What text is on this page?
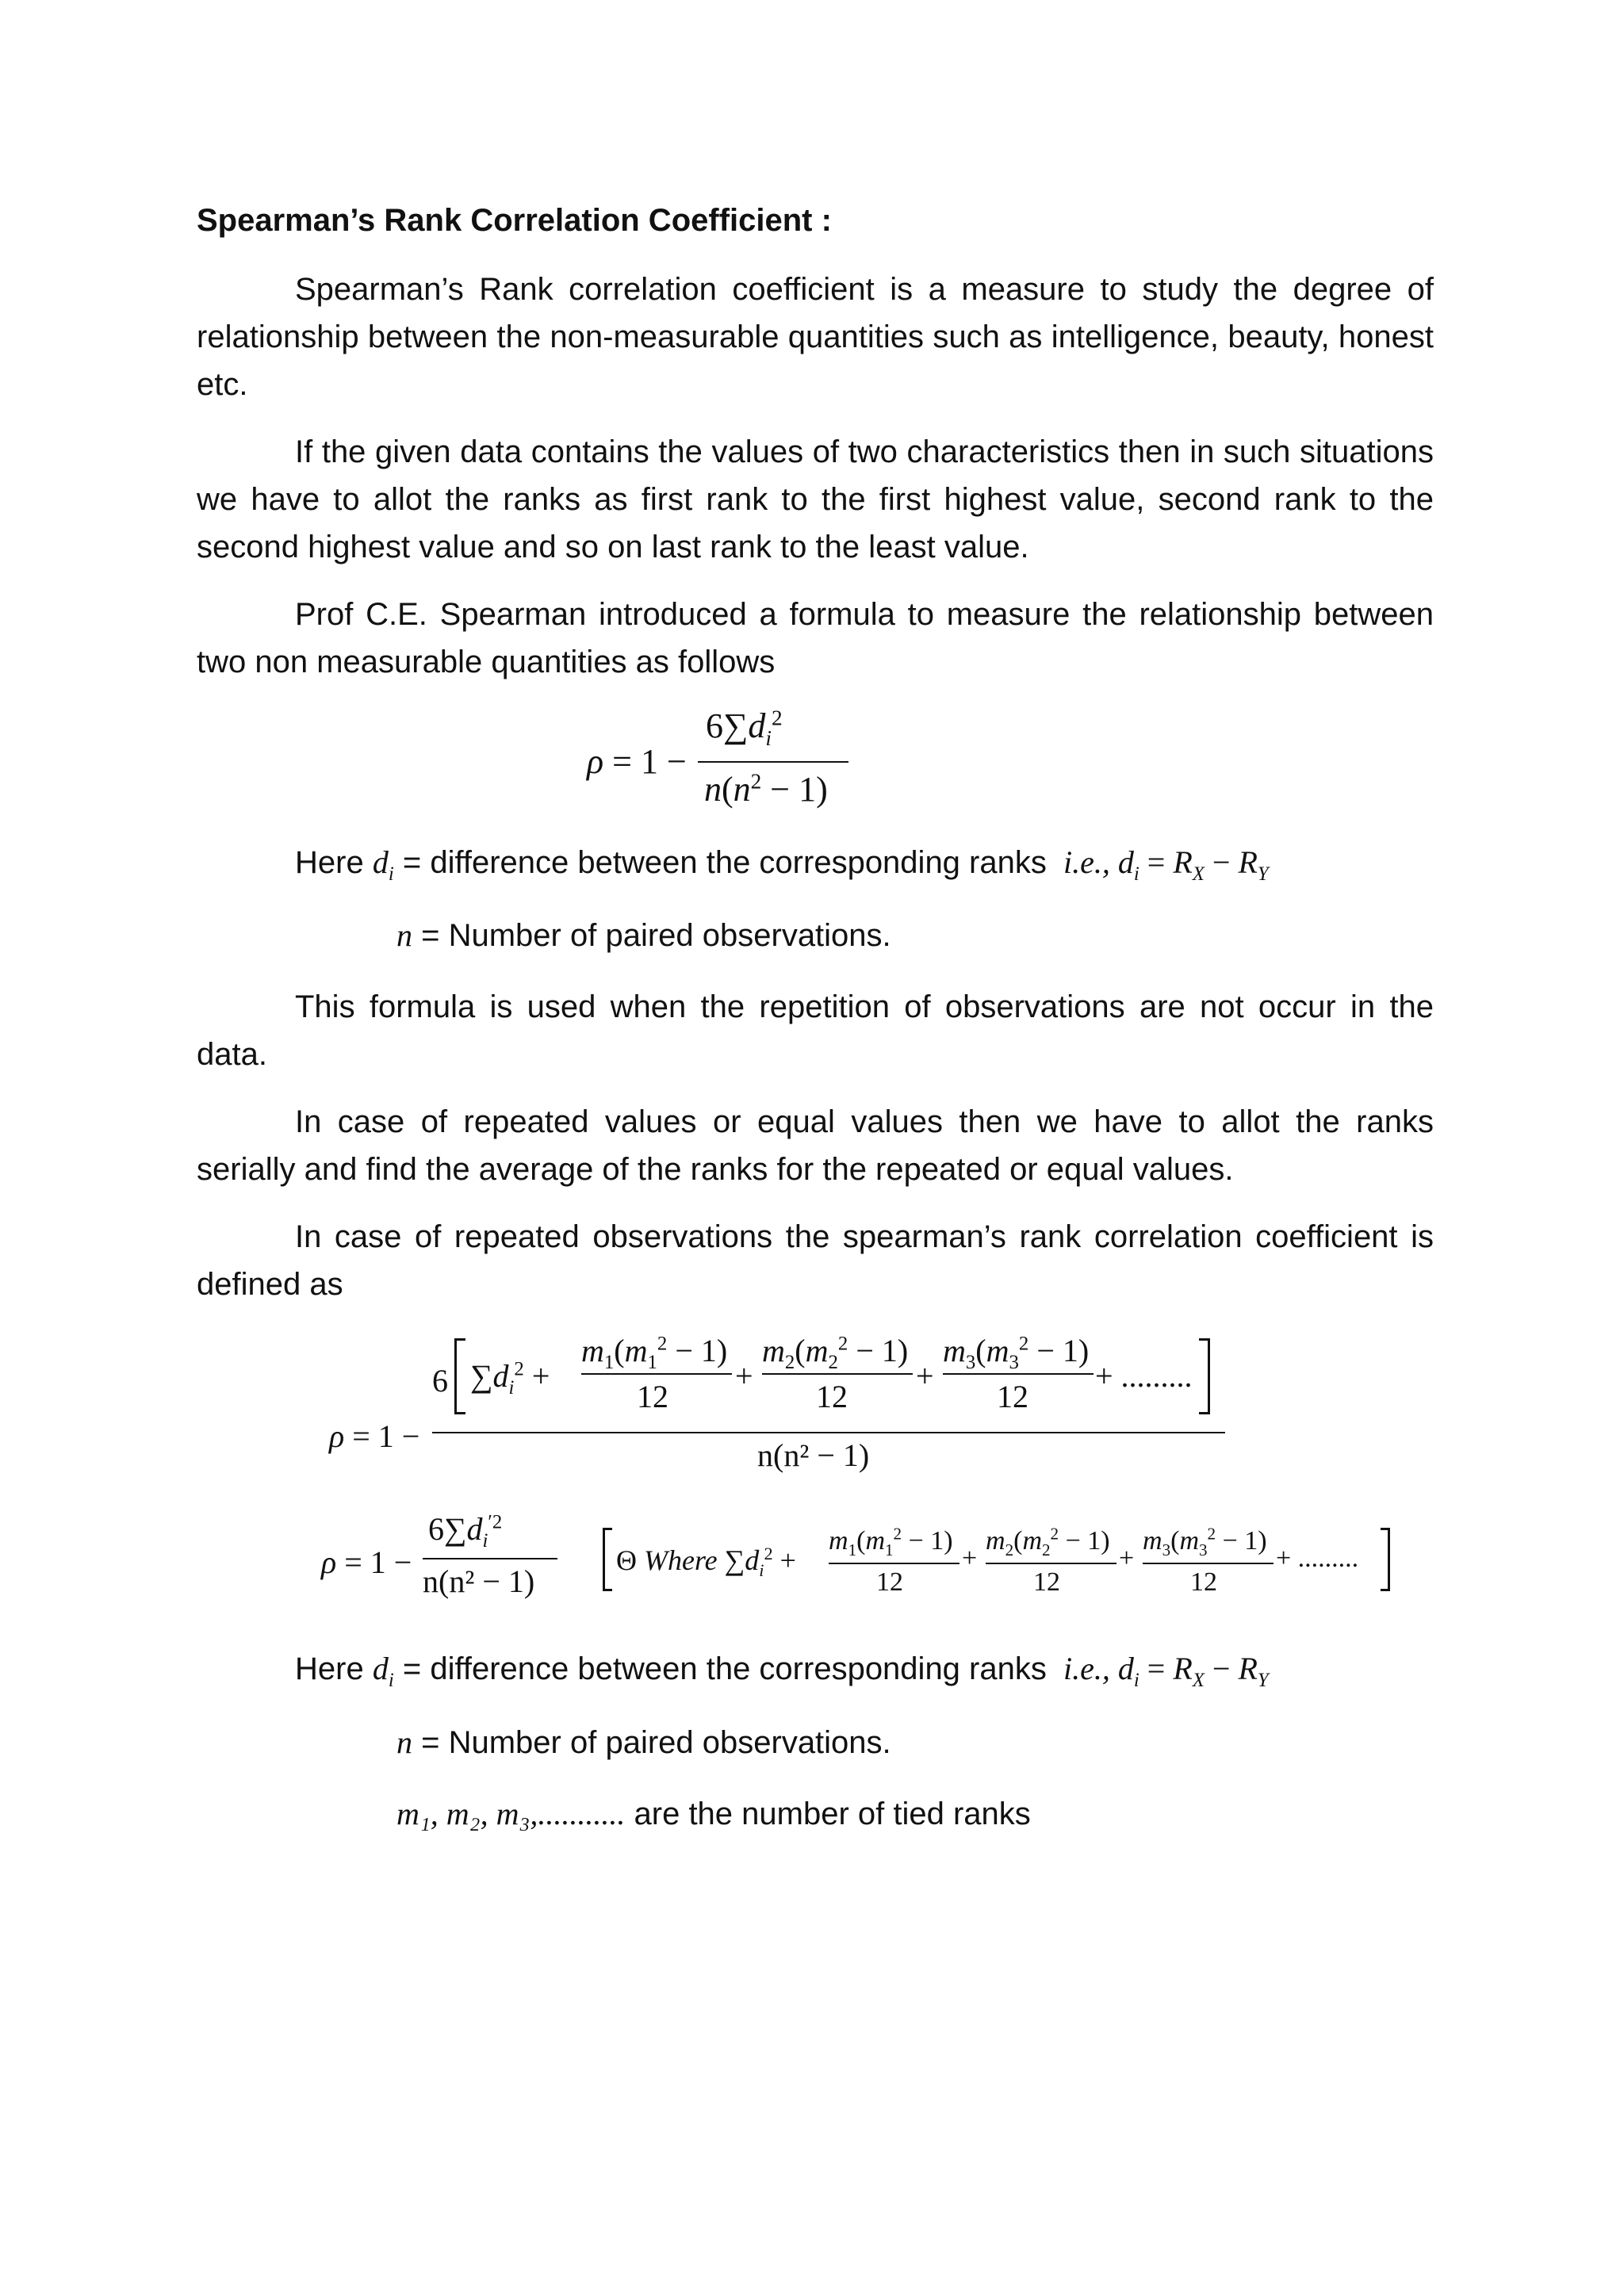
Spearman’s Rank Correlation Coefficient :

Spearman’s Rank correlation coefficient is a measure to study the degree of relationship between the non-measurable quantities such as intelligence, beauty, honest etc.

If the given data contains the values of two characteristics then in such situations we have to allot the ranks as first rank to the first highest value, second rank to the second highest value and so on last rank to the least value.

Prof C.E. Spearman introduced a formula to measure the relationship between two non measurable quantities as follows

ρ = 1 −
$6\sum d_i^2$
$n(n^2 - 1)$
Here $d_i$ = difference between the corresponding ranks  i.e., $d_i = R_X - R_Y$
n = Number of paired observations.

This formula is used when the repetition of observations are not occur in the data.

In case of repeated values or equal values then we have to allot the ranks serially and find the average of the ranks for the repeated or equal values.

In case of repeated observations the spearman’s rank correlation coefficient is defined as

ρ = 1 −
6 $\sum d_i^2$ +
$m_1(m_1^2 - 1)$
12
+
$m_2(m_2^2 - 1)$
12
+
$m_3(m_3^2 - 1)$
12
+ .........
n(n² − 1)
ρ = 1 −
$6\sum d_i^{'2}$
n(n² − 1)
Θ Where $\sum d_i^2$ +
$m_1(m_1^2 - 1)$
12
+
$m_2(m_2^2 - 1)$
12
+
$m_3(m_3^2 - 1)$
12
+ .........
Here $d_i$ = difference between the corresponding ranks  i.e., $d_i = R_X - R_Y$
n = Number of paired observations.
m₁, m₂, m₃,........... are the number of tied ranks
